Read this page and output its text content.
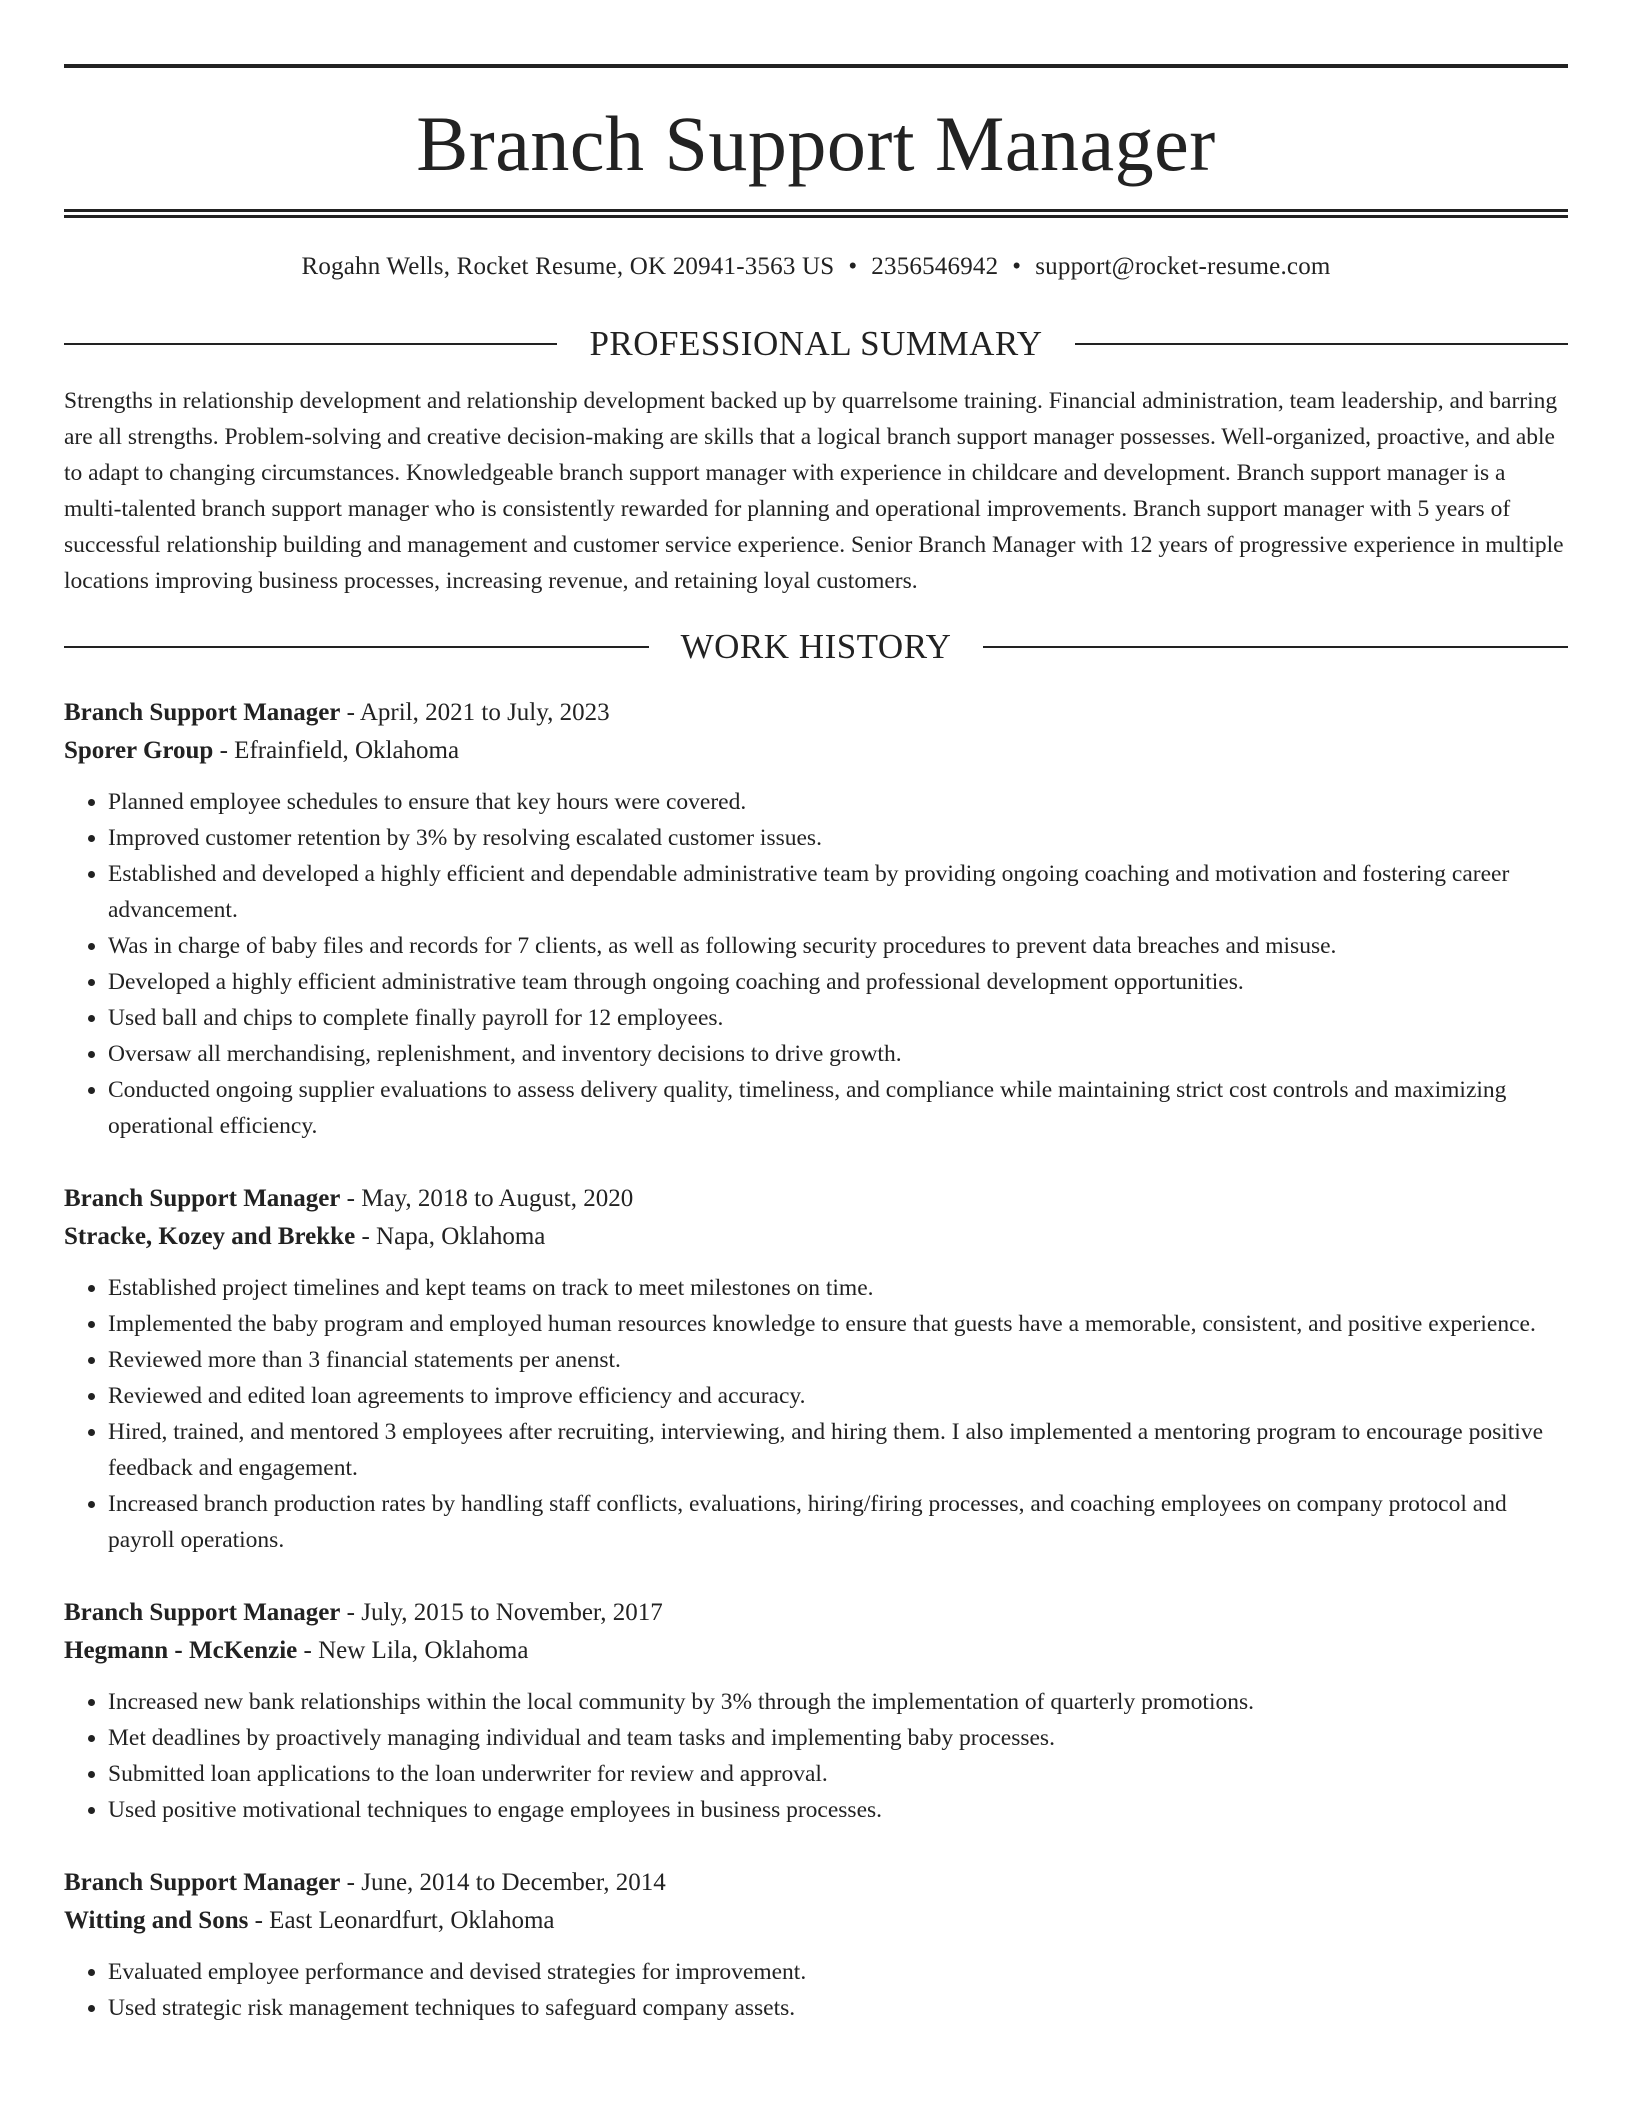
Branch Support Manager
Rogahn Wells, Rocket Resume, OK 20941-3563 US • 2356546942 • support@rocket-resume.com
PROFESSIONAL SUMMARY
Strengths in relationship development and relationship development backed up by quarrelsome training. Financial administration, team leadership, and barring are all strengths. Problem-solving and creative decision-making are skills that a logical branch support manager possesses. Well-organized, proactive, and able to adapt to changing circumstances. Knowledgeable branch support manager with experience in childcare and development. Branch support manager is a multi-talented branch support manager who is consistently rewarded for planning and operational improvements. Branch support manager with 5 years of successful relationship building and management and customer service experience. Senior Branch Manager with 12 years of progressive experience in multiple locations improving business processes, increasing revenue, and retaining loyal customers.
WORK HISTORY
Branch Support Manager - April, 2021 to July, 2023
Sporer Group - Efrainfield, Oklahoma
• Planned employee schedules to ensure that key hours were covered.
• Improved customer retention by 3% by resolving escalated customer issues.
• Established and developed a highly efficient and dependable administrative team by providing ongoing coaching and motivation and fostering career advancement.
• Was in charge of baby files and records for 7 clients, as well as following security procedures to prevent data breaches and misuse.
• Developed a highly efficient administrative team through ongoing coaching and professional development opportunities.
• Used ball and chips to complete finally payroll for 12 employees.
• Oversaw all merchandising, replenishment, and inventory decisions to drive growth.
• Conducted ongoing supplier evaluations to assess delivery quality, timeliness, and compliance while maintaining strict cost controls and maximizing operational efficiency.
Branch Support Manager - May, 2018 to August, 2020
Stracke, Kozey and Brekke - Napa, Oklahoma
• Established project timelines and kept teams on track to meet milestones on time.
• Implemented the baby program and employed human resources knowledge to ensure that guests have a memorable, consistent, and positive experience.
• Reviewed more than 3 financial statements per anenst.
• Reviewed and edited loan agreements to improve efficiency and accuracy.
• Hired, trained, and mentored 3 employees after recruiting, interviewing, and hiring them. I also implemented a mentoring program to encourage positive feedback and engagement.
• Increased branch production rates by handling staff conflicts, evaluations, hiring/firing processes, and coaching employees on company protocol and payroll operations.
Branch Support Manager - July, 2015 to November, 2017
Hegmann - McKenzie - New Lila, Oklahoma
• Increased new bank relationships within the local community by 3% through the implementation of quarterly promotions.
• Met deadlines by proactively managing individual and team tasks and implementing baby processes.
• Submitted loan applications to the loan underwriter for review and approval.
• Used positive motivational techniques to engage employees in business processes.
Branch Support Manager - June, 2014 to December, 2014
Witting and Sons - East Leonardfurt, Oklahoma
• Evaluated employee performance and devised strategies for improvement.
• Used strategic risk management techniques to safeguard company assets.
